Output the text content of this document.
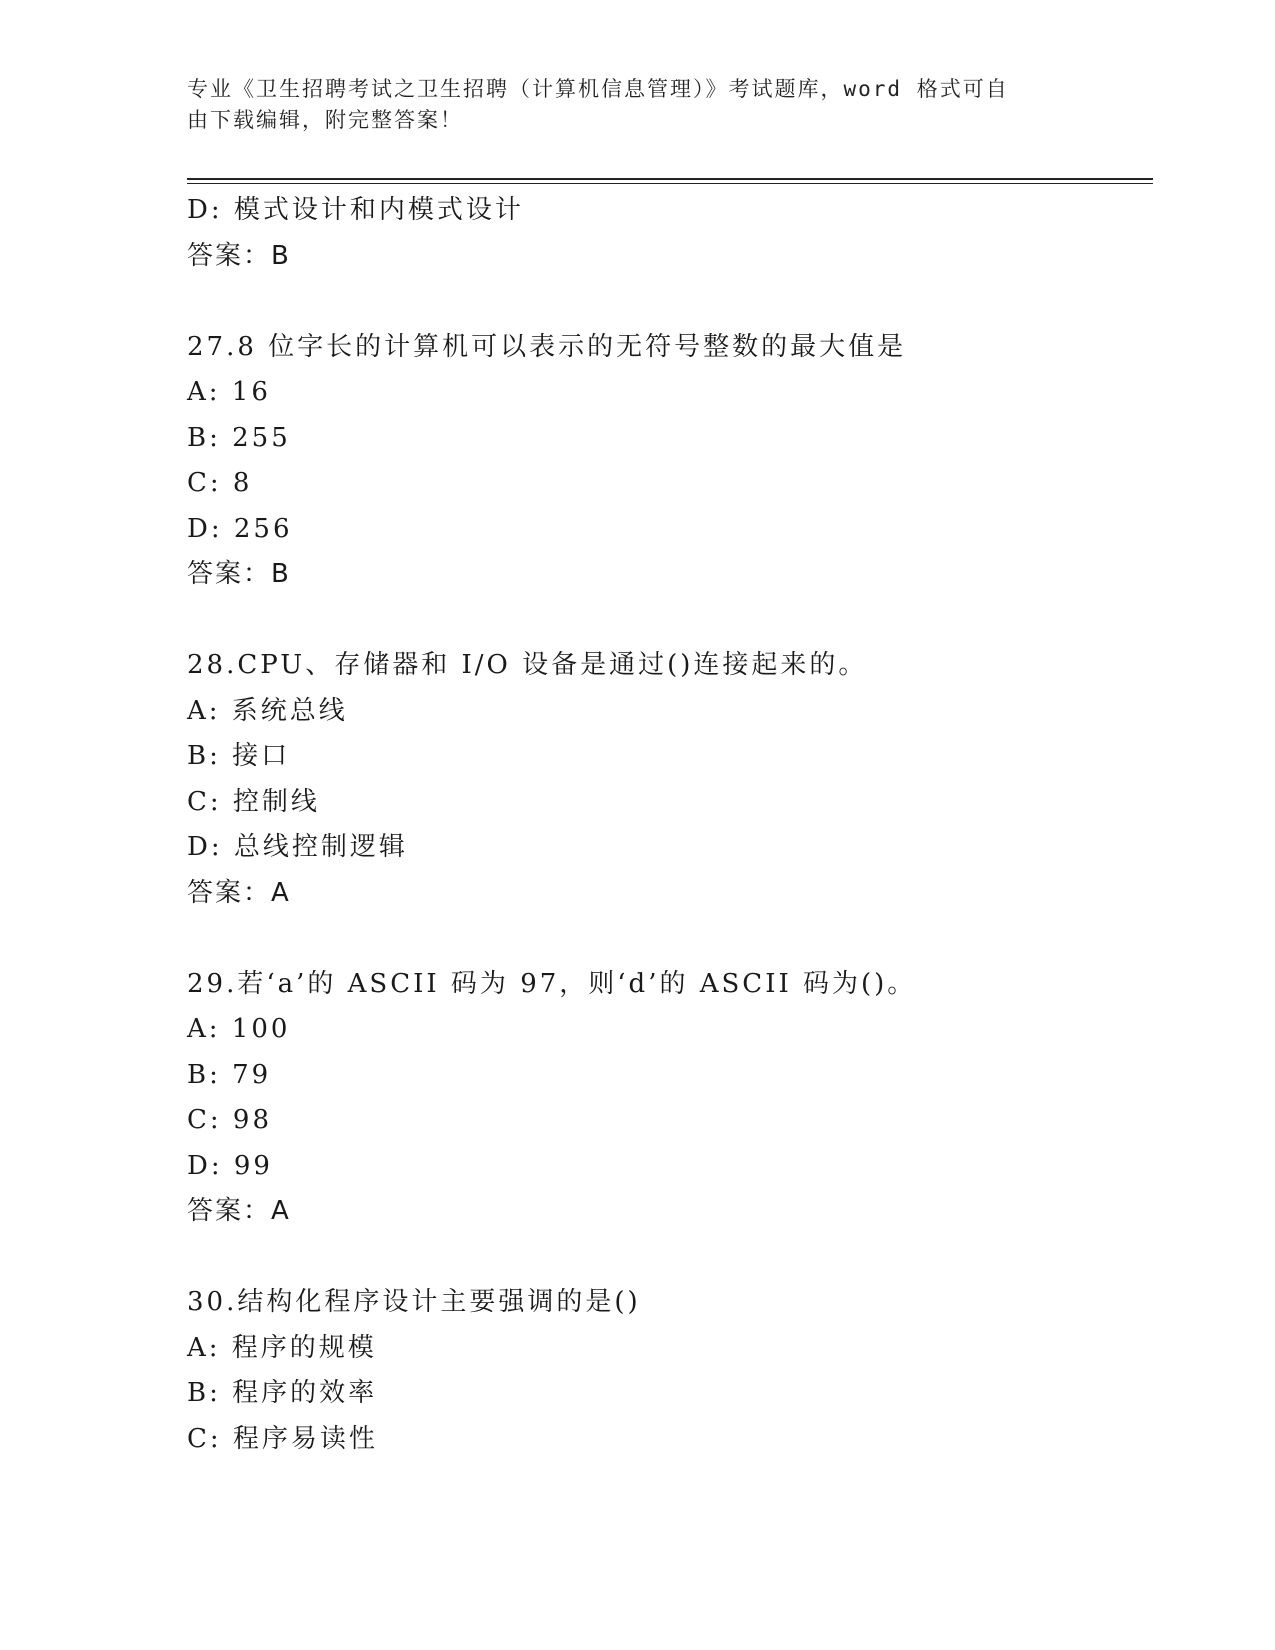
专业《卫生招聘考试之卫生招聘（计算机信息管理）》考试题库，word 格式可自
由下载编辑，附完整答案！
D: 模式设计和内模式设计
答案：B
27.8 位字长的计算机可以表示的无符号整数的最大值是
A: 16
B: 255
C: 8
D: 256
答案：B
28.CPU、存储器和 I/O 设备是通过()连接起来的。
A: 系统总线
B: 接口
C: 控制线
D: 总线控制逻辑
答案：A
29.若‘a’的 ASCII 码为 97，则‘d’的 ASCII 码为()。
A: 100
B: 79
C: 98
D: 99
答案：A
30.结构化程序设计主要强调的是()
A: 程序的规模
B: 程序的效率
C: 程序易读性
